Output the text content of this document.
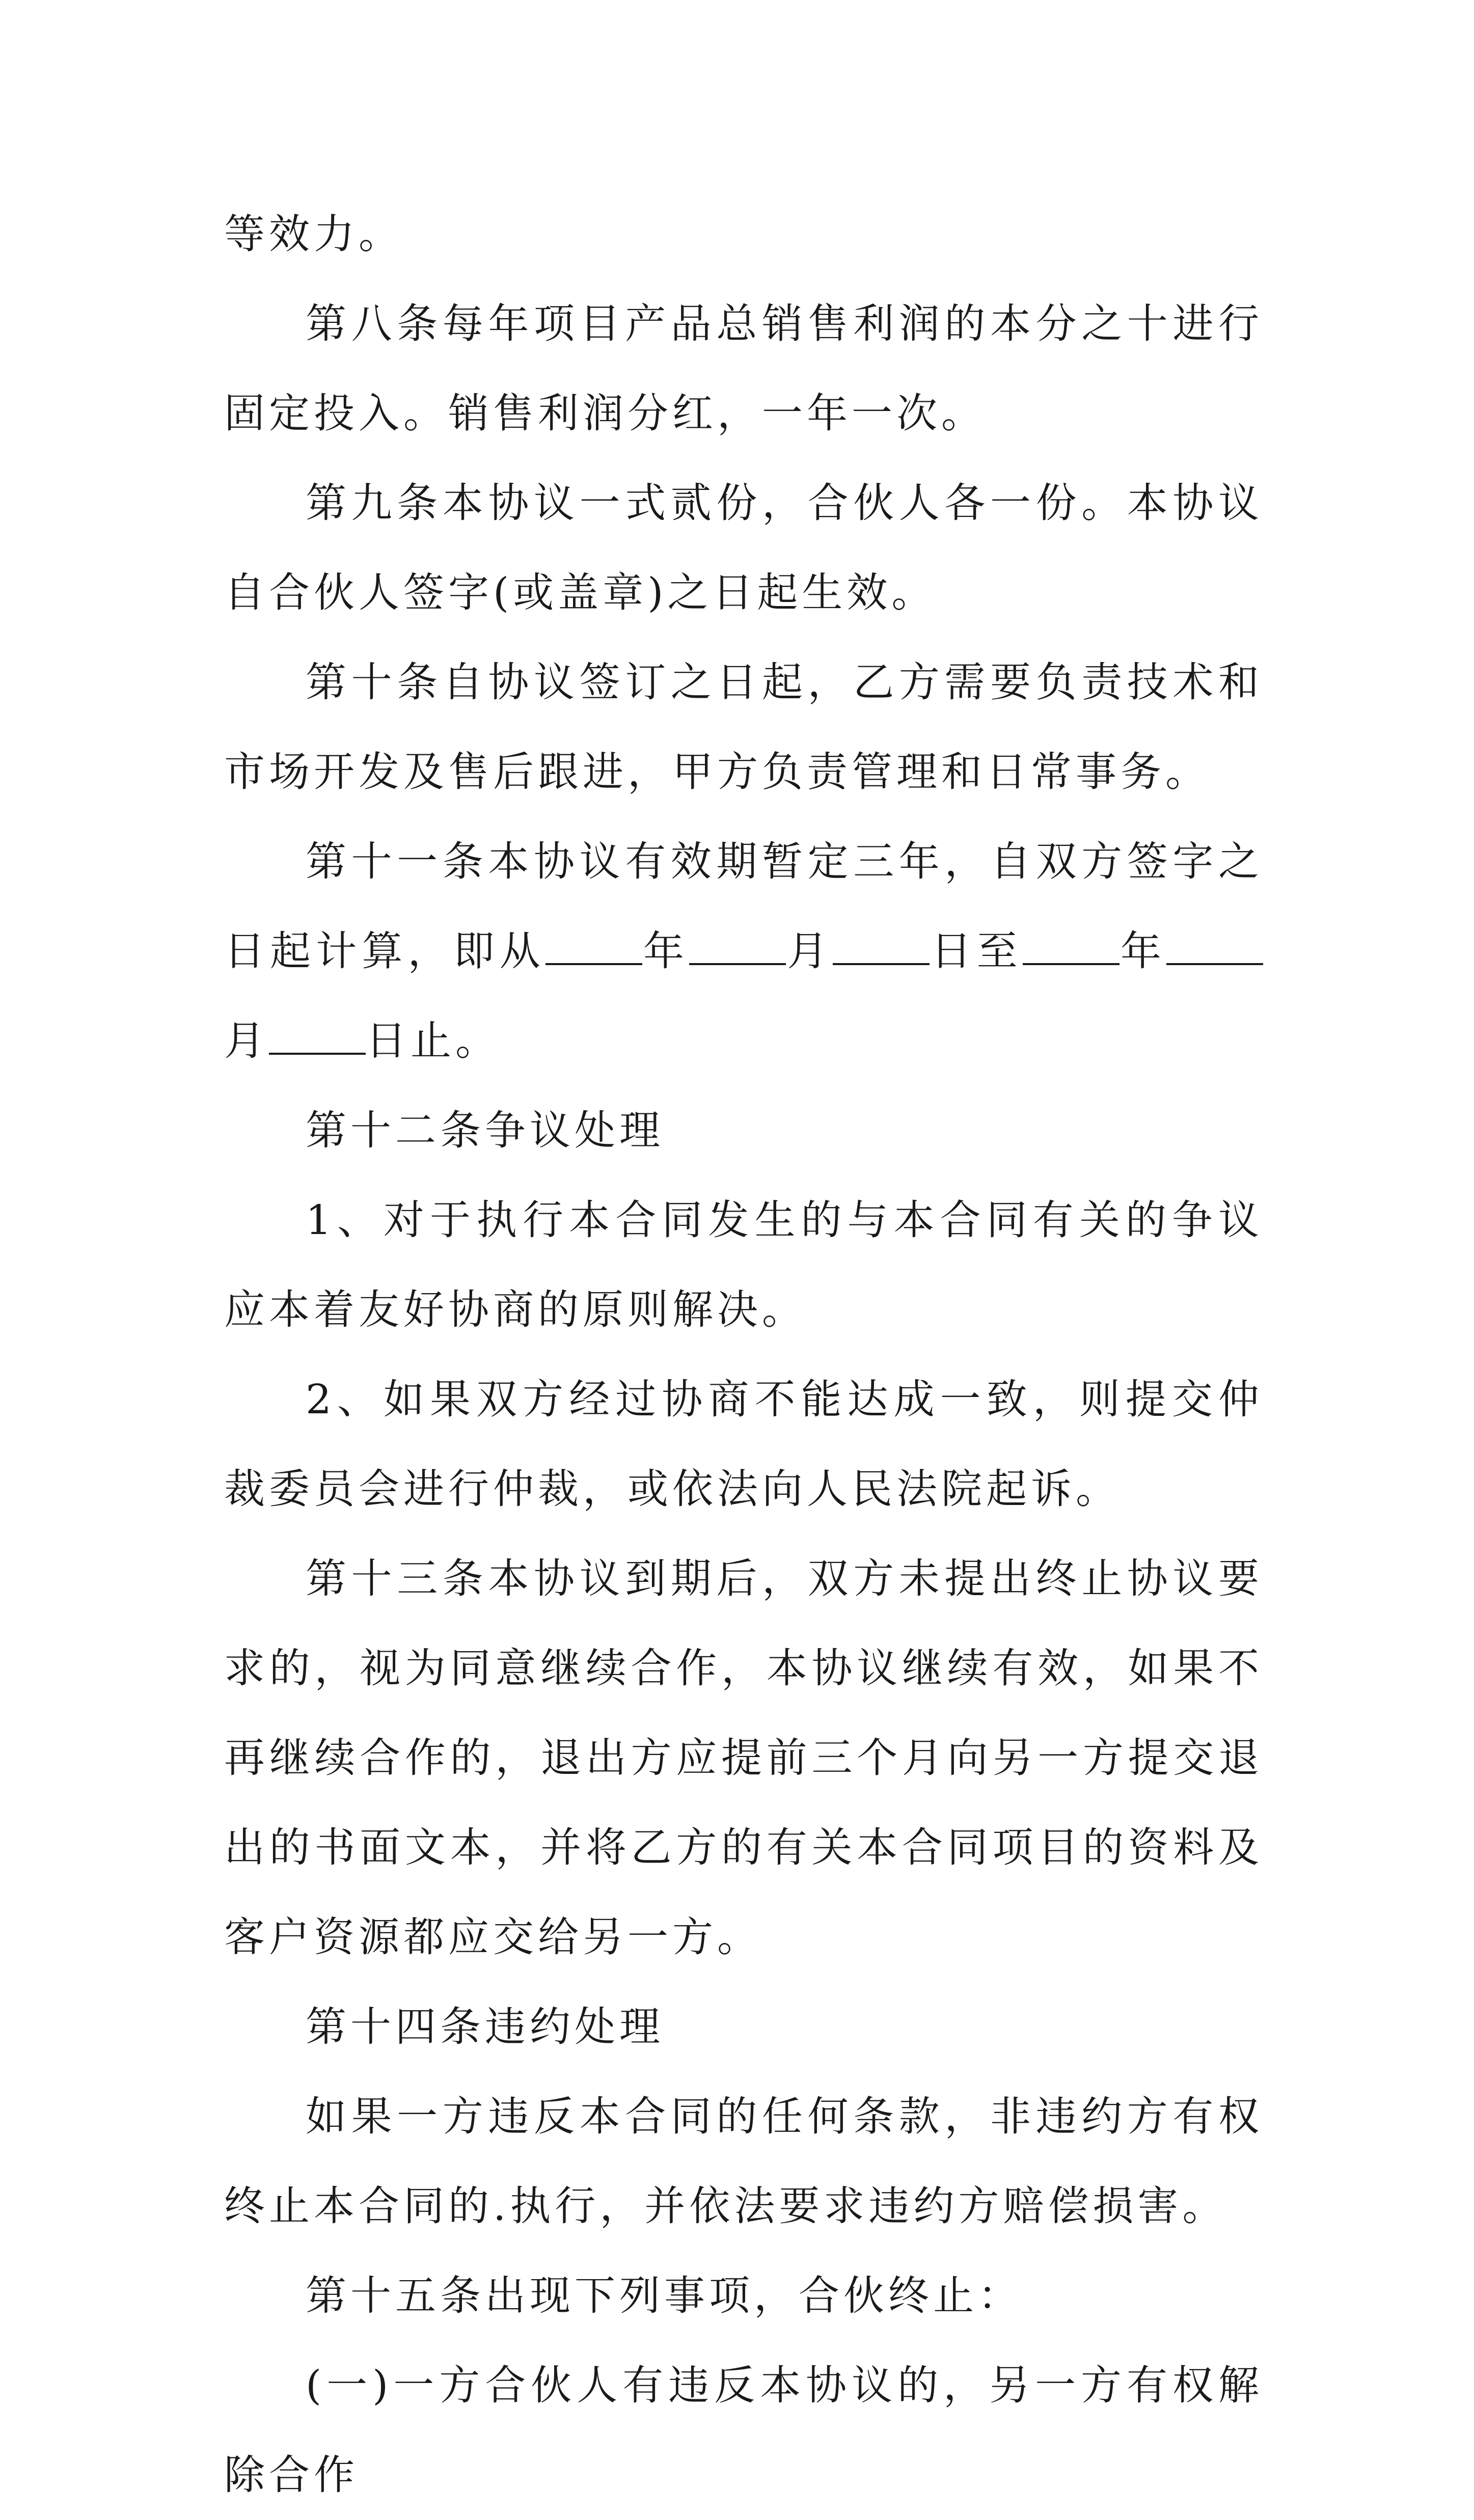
等效力。

第八条每年项目产品总销售利润的本分之十进行固定投入。销售利润分红，一年一次。

第九条本协议一式贰份，合伙人各一份。本协议自合伙人签字(或盖章)之日起生效。

第十条自协议签订之日起，乙方需要负责技术和市场开发及售后跟进，甲方负责管理和日常事务。

第十一条本协议有效期暂定三年，自双方签字之日起计算，即从 年 月 日至 年月 日止。

第十二条争议处理

1、对于执行本合同发生的与本合同有关的争议应本着友好协商的原则解决。

2、如果双方经过协商不能达成一致，则提交仲裁委员会进行仲裁，或依法向人民法院起诉。

第十三条本协议到期后，双方未提出终止协议要求的，视为同意继续合作，本协议继续有效，如果不再继续合作的，退出方应提前三个月向另一方提交退出的书面文本，并将乙方的有关本合同项目的资料及客户资源都应交给另一方。

第十四条违约处理

如果一方违反本合同的任何条款，非违约方有权终止本合同的.执行，并依法要求违约方赔偿损害。

第十五条出现下列事项，合伙终止：

(一)一方合伙人有违反本协议的，另一方有权解除合作
